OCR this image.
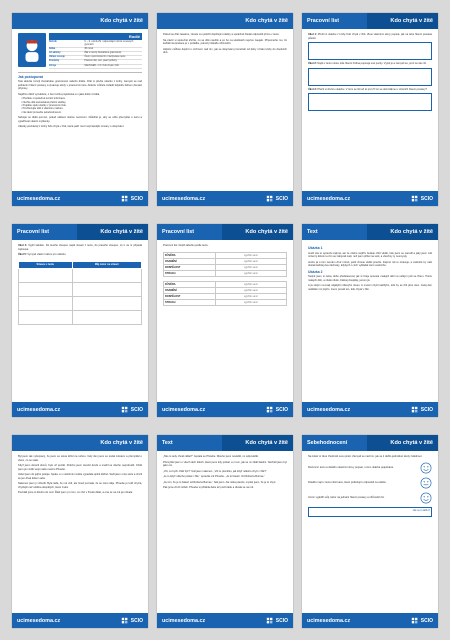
Kdo chytá v žitě
Rodič
Ročník	6. – 9. ročník ZŠ / odpovídající ročník víceletých gymnázií
Délka	45 minut
Cíl aktivity	Žák si rozvíjí čtenářskou gramotnost
Oblast rozvoje	Čtení s porozuměním, interpretace textu
Pomůcky	Pracovní list, text, psací potřeby
Zdroje	SALINGER, J. D. Kdo chytá v žitě
Jak postupovat
Tato aktivita rozvíjí čtenářskou gramotnost vašeho dítěte. Dítě si přečte ukázku z knihy, zamyslí se nad jednáním hlavní postavy a zpracuje úkoly v pracovním listu. Aktivitu můžete zařadit kdykoliv během domácí přípravy.
Nejdříve dítěti vysvětlete, o čem kniha pojednává a v jaké době vznikla.
• Přečtěte si společně úvodní informace.
• Nechte dítě samostatně přečíst ukázky.
• Projděte spolu otázky v pracovním listu.
• Povzbuzujte dítě k vlastnímu názoru.
• Na závěr proveďte sebehodnocení.
Nebojte se dítěti pomoci, pokud některé otázce nerozumí. Důležité je, aby se učilo přemýšlet o textu a vyjadřovat vlastní myšlenky.
Ukázky pocházejí z knihy Kdo chytá v žitě, která patří mezi nejznámější romány o dospívání.
ucimesedoma.cz	SCIO
Kdo chytá v žitě
Pokud se dítě zasekne, zkuste mu položit doplňující otázky a společně hledat odpovědi přímo v textu.
Na závěr si společně shrňte, co se dítě naučilo a co ho na ukázkách nejvíce zaujalo. Připomeňte mu, že každá interpretace je v pořádku, pokud ji dokáže zdůvodnit.
Aktivitu můžete doplnit o rozhovor nad tím, jak se dospívání proměnilo od doby vzniku knihy do dnešních dnů.
ucimesedoma.cz	SCIO
Pracovní list	Kdo chytá v žitě
Úkol 1: Přečti si ukázku z knihy Kdo chytá v žitě. Zkus vlastními slovy popsat, jak na tebe hlavní postava působí.
Úkol 2: Najdi v textu místa, kde hlavní hrdina popisuje své pocity. Vypiš je a zamysli se, proč se tak cítí.
Úkol 3: Přečti si druhou ukázku. V čem se liší od té první? Co se dozvídáme o vztazích hlavní postavy?
ucimesedoma.cz	SCIO
Pracovní list	Kdo chytá v žitě
Úkol 4: Vyplň tabulku. Do levého sloupce napiš situaci z textu, do pravého sloupce, co ti na ní připadá zajímavé.
Úkol 5: Vymysli vlastní název pro ukázku.
Situace z textu	Můj názor na situaci

ucimesedoma.cz	SCIO
Pracovní list	Kdo chytá v žitě
Pracovní list: Doplň tabulku podle textu.
DŮVĚRA	vyplňte sami
OSAMĚNÍ	vyplňte sami
DOSPĚLOST	vyplňte sami
STRACH	vyplňte sami
DŮVĚRA	vyplňte sami
OSAMĚNÍ	vyplňte sami
DOSPĚLOST	vyplňte sami
STRACH	vyplňte sami
ucimesedoma.cz	SCIO
Text	Kdo chytá v žitě
Ukázka 1
Jestli vás to opravdu zajímá, asi ze všeho nejdřív budete chtít vědět, kde jsem se narodil a jaký jsem měl mizerný dětství a čím se zabývali naši, než jsem přišel na svět, a všechny ty nesmysly.
Jenže já o tom nemám chuť mluvit, jestli chcete vědět pravdu. Zaprvé mě to otravuje, a zadruhé by naši dostali každej dva záchvaty, kdybych o nich vykládal něco osobního.
Ukázka 2
Stejně jsem si celou dobu představoval, jak si hraje spousta malejch dětí na velkým poli se žitem. Tisíce malejch dětí, a nikde nikdo, žádnej dospělej, jenom já.
A já stojím na kraji nějakýho šílenýho útesu. A musím chytit každýho, kdo by se řítil přes útes. Celej den nedělám nic jinýho. Jsem prostě ten, kdo chytá v žitě.
ucimesedoma.cz	SCIO
Kdo chytá v žitě
Byl jsem tak vyčerpaný, že jsem se sotva držel na nohou. Celý den jsem se toulal městem a přemýšlel o všem, co se stalo.
Když jsem dorazil domů, bylo už pozdě. Potichu jsem otevřel dveře a snažil se nikoho neprobudit. Chtěl jsem jen vidět svoji malou sestru Phoebe.
Vešel jsem do jejího pokoje. Spala, a v měsíčním světle vypadala úplně klidně. Sedl jsem si ke stolu a chvíli se jen díval kolem sebe.
Nakonec jsem ji vzbudil. Byla ráda, že mě vidí, ale hned poznala, že se něco děje. Phoebe je totiž chytrá, chytřejší než většina dospělých, které znám.
Povídali jsme si dlouho do noci. Řekl jsem jí o tom, co chci v životě dělat, a ona se na mě jen dívala.
ucimesedoma.cz	SCIO
Text	Kdo chytá v žitě
„Tak co tedy chceš dělat?“ zeptala se Phoebe. Dlouho jsem nevěděl, co odpovědět.
Přemýšlel jsem o všech těch lidech, které jsem kdy potkal, a o tom, jak se mi zdáli falešní. Nechtěl jsem být jako oni.
„Víš, co bych chtěl být?“ řekl jsem nakonec. „Víš tu písničku, jak když někoho chytí v žitě?“
„Je to když někoho potká v žitě,“ opravila mě Phoebe. „Je to báseň. Od Roberta Burnse.“
„Já vím, že je to báseň od Roberta Burnse,“ řekl jsem. Ale měla pravdu, myslel jsem, že je to chytí.
Pak jsme chvíli mlčeli. Phoebe si přitáhla deku až pod bradu a dívala se na mě.
ucimesedoma.cz	SCIO
Sebehodnocení	Kdo chytá v žitě
Na závěr si zkus zhodnotit svou práci. Zamysli se nad tím, jak se ti dařilo jednotlivé úkoly zvládnout.
Rozumím textu a dokážu vlastními slovy popsat, o čem ukázka pojednává.
Dokážu najít v textu informace, které potřebuji k odpovědi na otázku.
Umím vyjádřit svůj názor na jednání hlavní postavy a zdůvodnit ho.
Jak se ti dařilo?
ucimesedoma.cz	SCIO
